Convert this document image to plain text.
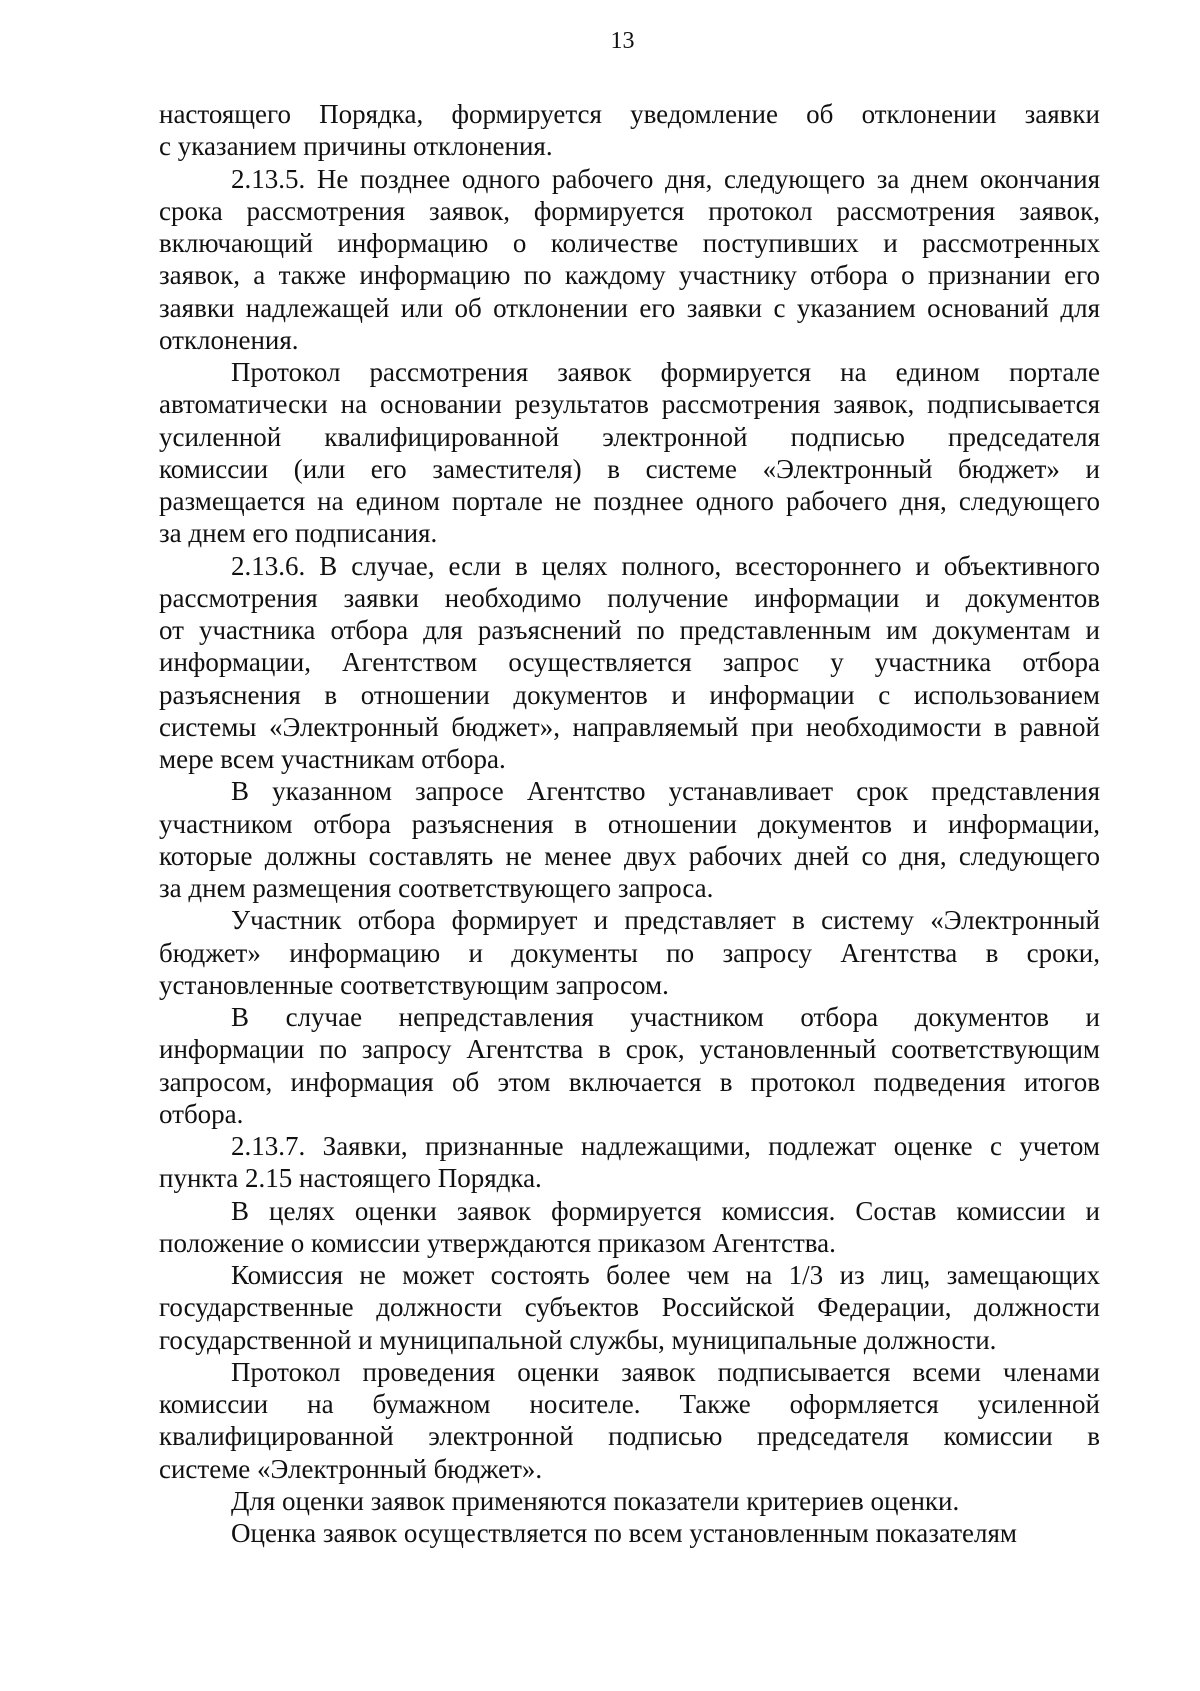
13
настоящего Порядка, формируется уведомление об отклонении заявки
с указанием причины отклонения.
2.13.5. Не позднее одного рабочего дня, следующего за днем окончания
срока рассмотрения заявок, формируется протокол рассмотрения заявок,
включающий информацию о количестве поступивших и рассмотренных
заявок, а также информацию по каждому участнику отбора о признании его
заявки надлежащей или об отклонении его заявки с указанием оснований для
отклонения.
Протокол рассмотрения заявок формируется на едином портале
автоматически на основании результатов рассмотрения заявок, подписывается
усиленной квалифицированной электронной подписью председателя
комиссии (или его заместителя) в системе «Электронный бюджет» и
размещается на едином портале не позднее одного рабочего дня, следующего
за днем его подписания.
2.13.6. В случае, если в целях полного, всестороннего и объективного
рассмотрения заявки необходимо получение информации и документов
от участника отбора для разъяснений по представленным им документам и
информации, Агентством осуществляется запрос у участника отбора
разъяснения в отношении документов и информации с использованием
системы «Электронный бюджет», направляемый при необходимости в равной
мере всем участникам отбора.
В указанном запросе Агентство устанавливает срок представления
участником отбора разъяснения в отношении документов и информации,
которые должны составлять не менее двух рабочих дней со дня, следующего
за днем размещения соответствующего запроса.
Участник отбора формирует и представляет в систему «Электронный
бюджет» информацию и документы по запросу Агентства в сроки,
установленные соответствующим запросом.
В случае непредставления участником отбора документов и
информации по запросу Агентства в срок, установленный соответствующим
запросом, информация об этом включается в протокол подведения итогов
отбора.
2.13.7. Заявки, признанные надлежащими, подлежат оценке с учетом
пункта 2.15 настоящего Порядка.
В целях оценки заявок формируется комиссия. Состав комиссии и
положение о комиссии утверждаются приказом Агентства.
Комиссия не может состоять более чем на 1/3 из лиц, замещающих
государственные должности субъектов Российской Федерации, должности
государственной и муниципальной службы, муниципальные должности.
Протокол проведения оценки заявок подписывается всеми членами
комиссии на бумажном носителе. Также оформляется усиленной
квалифицированной электронной подписью председателя комиссии в
системе «Электронный бюджет».
Для оценки заявок применяются показатели критериев оценки.
Оценка заявок осуществляется по всем установленным показателям
